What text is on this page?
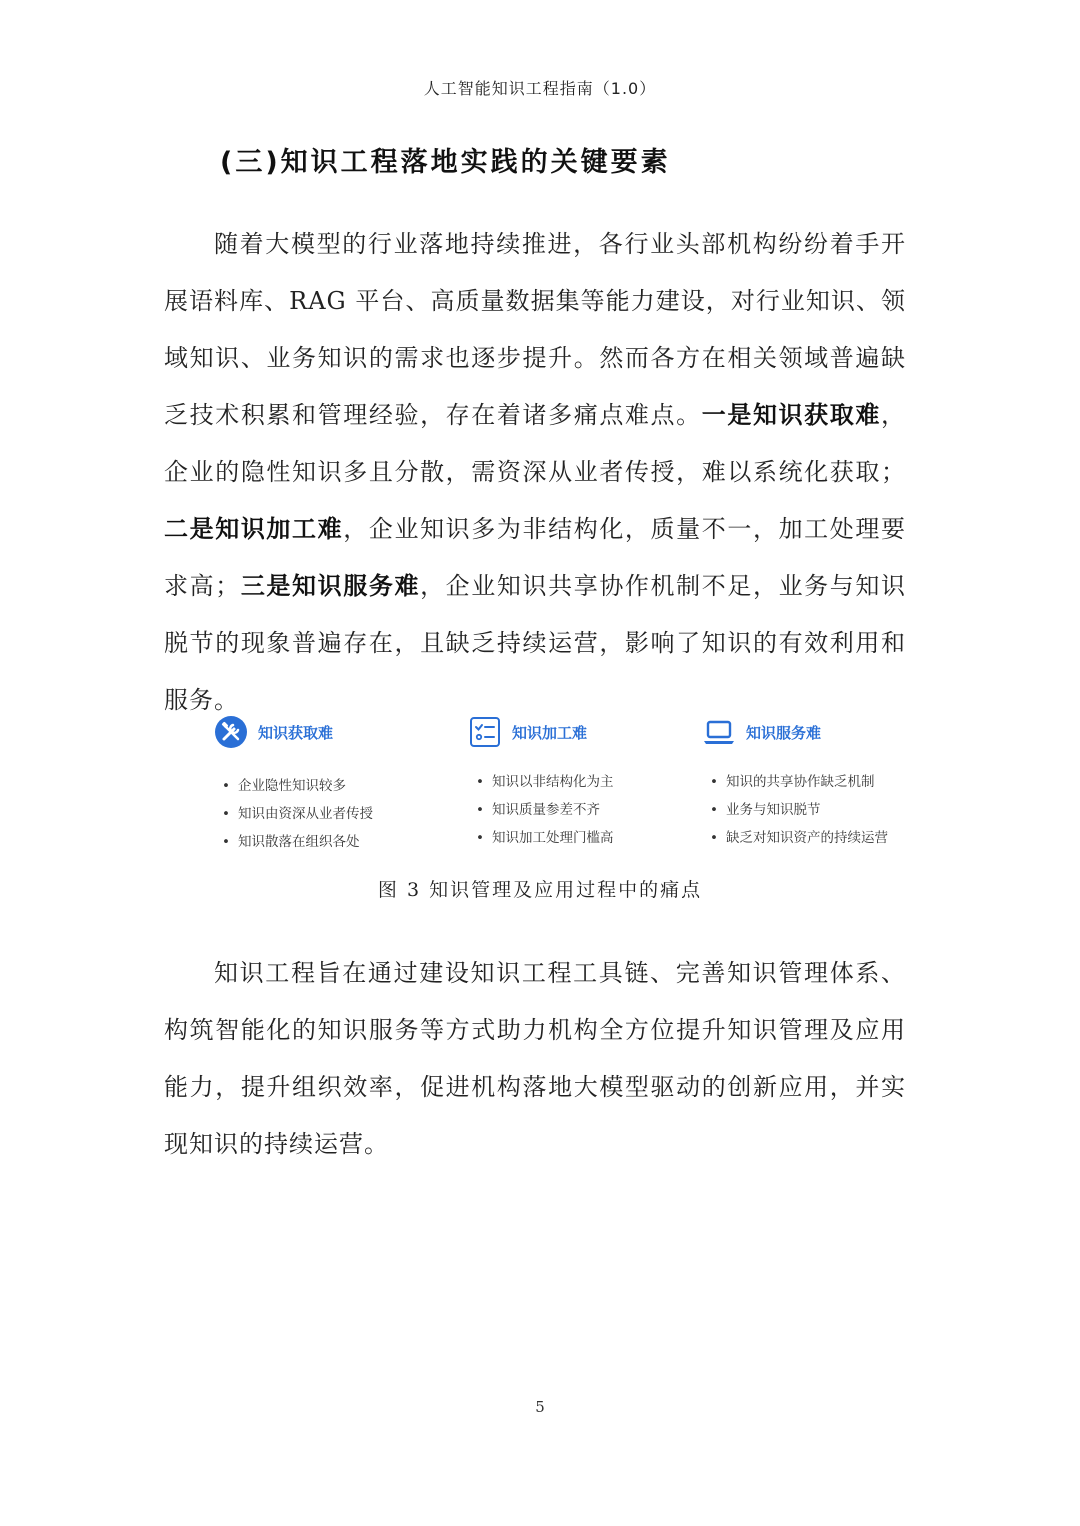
人工智能知识工程指南（1.0）
(三)知识工程落地实践的关键要素

随着大模型的行业落地持续推进，各行业头部机构纷纷着手开展语料库、RAG 平台、高质量数据集等能力建设，对行业知识、领域知识、业务知识的需求也逐步提升。然而各方在相关领域普遍缺乏技术积累和管理经验，存在着诸多痛点难点。一是知识获取难，企业的隐性知识多且分散，需资深从业者传授，难以系统化获取；二是知识加工难，企业知识多为非结构化，质量不一，加工处理要求高；三是知识服务难，企业知识共享协作机制不足，业务与知识脱节的现象普遍存在，且缺乏持续运营，影响了知识的有效利用和服务。

知识获取难
• 企业隐性知识较多
• 知识由资深从业者传授
• 知识散落在组织各处
知识加工难
• 知识以非结构化为主
• 知识质量参差不齐
• 知识加工处理门槛高
知识服务难
• 知识的共享协作缺乏机制
• 业务与知识脱节
• 缺乏对知识资产的持续运营
图 3 知识管理及应用过程中的痛点

知识工程旨在通过建设知识工程工具链、完善知识管理体系、构筑智能化的知识服务等方式助力机构全方位提升知识管理及应用能力，提升组织效率，促进机构落地大模型驱动的创新应用，并实现知识的持续运营。

5
